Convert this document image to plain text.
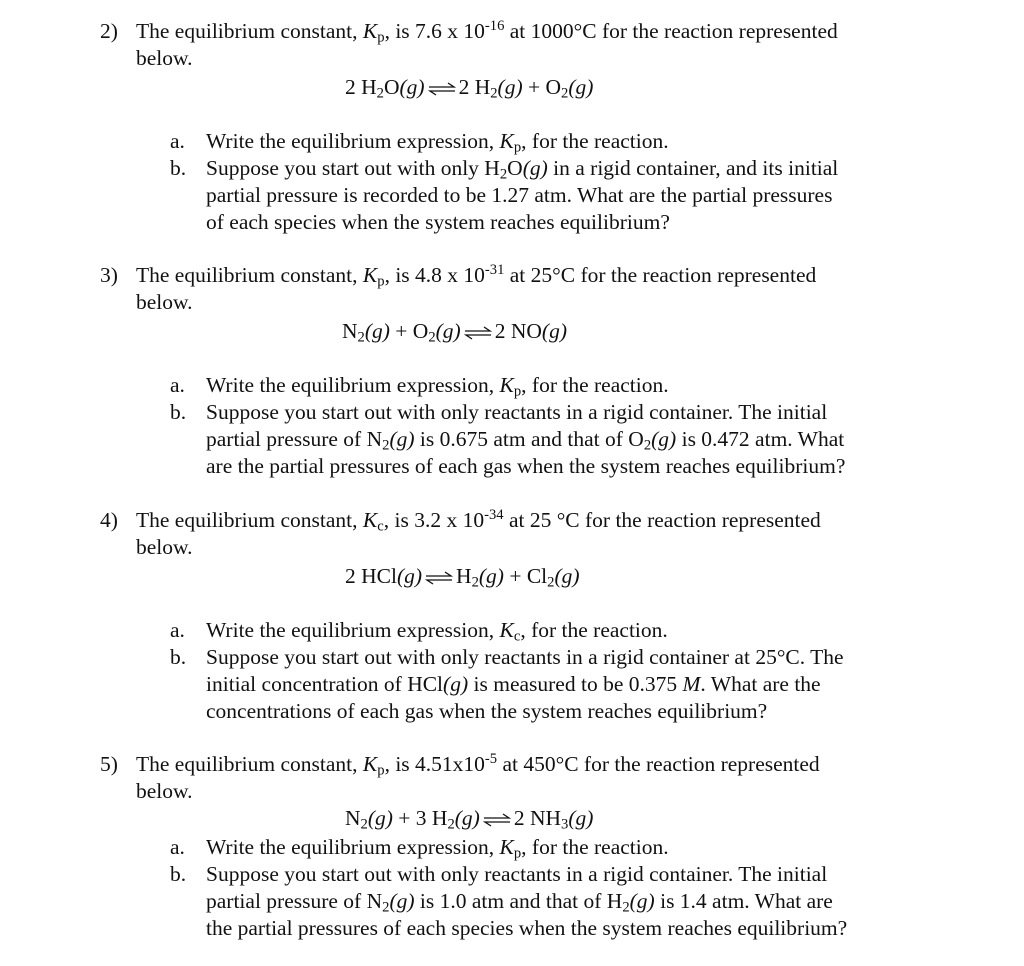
2) The equilibrium constant, $K_p$, is 7.6 x $10^{-16}$ at 1000°C for the reaction represented
below.
2 $H_2O(g)$ ⇌ 2 $H_2(g) + O_2(g)$
a. Write the equilibrium expression, $K_p$, for the reaction.
b. Suppose you start out with only $H_2O(g)$ in a rigid container, and its initial
partial pressure is recorded to be 1.27 atm. What are the partial pressures
of each species when the system reaches equilibrium?
3) The equilibrium constant, $K_p$, is 4.8 x $10^{-31}$ at 25°C for the reaction represented
below.
$N_2(g) + O_2(g)$ ⇌ 2 NO(g)
a. Write the equilibrium expression, $K_p$, for the reaction.
b. Suppose you start out with only reactants in a rigid container. The initial
partial pressure of $N_2(g)$ is 0.675 atm and that of $O_2(g)$ is 0.472 atm. What
are the partial pressures of each gas when the system reaches equilibrium?
4) The equilibrium constant, $K_c$, is 3.2 x $10^{-34}$ at 25 °C for the reaction represented
below.
2 HCl(g) ⇌ $H_2(g) + Cl_2(g)$
a. Write the equilibrium expression, $K_c$, for the reaction.
b. Suppose you start out with only reactants in a rigid container at 25°C. The
initial concentration of HCl(g) is measured to be 0.375 M. What are the
concentrations of each gas when the system reaches equilibrium?
5) The equilibrium constant, $K_p$, is $4.51x10^{-5}$ at 450°C for the reaction represented
below.
$N_2(g) + 3$ $H_2(g)$ ⇌ 2 $NH_3(g)$
a. Write the equilibrium expression, $K_p$, for the reaction.
b. Suppose you start out with only reactants in a rigid container. The initial
partial pressure of $N_2(g)$ is 1.0 atm and that of $H_2(g)$ is 1.4 atm. What are
the partial pressures of each species when the system reaches equilibrium?
